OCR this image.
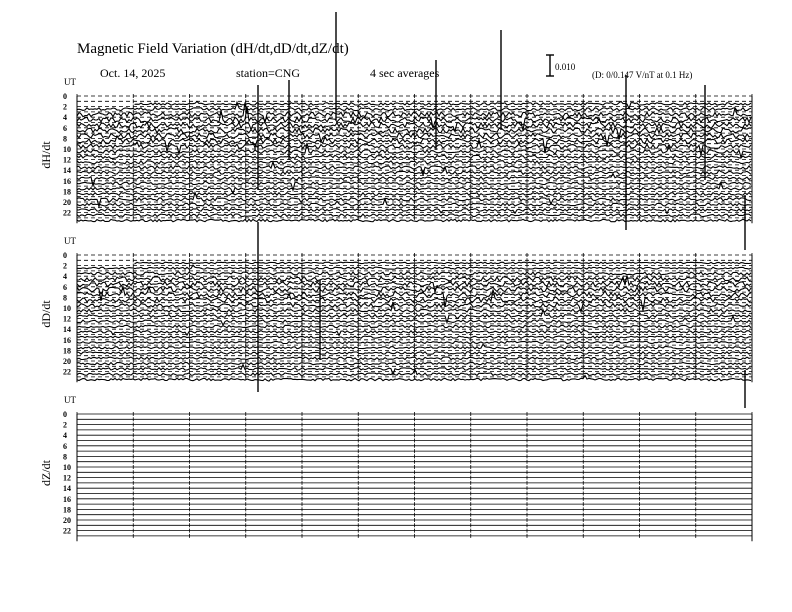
Magnetic Field Variation (dH/dt,dD/dt,dZ/dt)
Oct. 14, 2025	station=CNG	4 sec averages	0.010
(D: 0/0.147 V/nT at 0.1 Hz)
UT
dH/dt
0
2
4
6
8
10
12
14
16
18
20
22
UT
dD/dt
0
2
4
6
8
10
12
14
16
18
20
22
UT
dZ/dt
0
2
4
6
8
10
12
14
16
18
20
22
